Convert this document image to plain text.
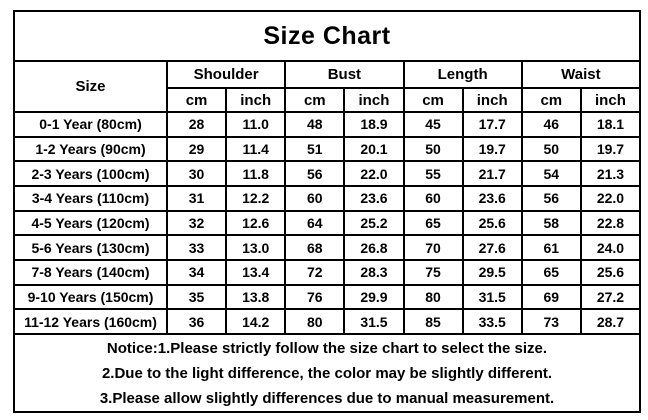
Size Chart								
Size	Shoulder		Bust		Length		Waist	
	cm	inch	cm	inch	cm	inch	cm	inch
0-1 Year (80cm)	28	11.0	48	18.9	45	17.7	46	18.1
1-2 Years (90cm)	29	11.4	51	20.1	50	19.7	50	19.7
2-3 Years (100cm)	30	11.8	56	22.0	55	21.7	54	21.3
3-4 Years (110cm)	31	12.2	60	23.6	60	23.6	56	22.0
4-5 Years (120cm)	32	12.6	64	25.2	65	25.6	58	22.8
5-6 Years (130cm)	33	13.0	68	26.8	70	27.6	61	24.0
7-8 Years (140cm)	34	13.4	72	28.3	75	29.5	65	25.6
9-10 Years (150cm)	35	13.8	76	29.9	80	31.5	69	27.2
11-12 Years (160cm)	36	14.2	80	31.5	85	33.5	73	28.7

Notice:1.Please strictly follow the size chart to select the size.
2.Due to the light difference, the color may be slightly different.
3.Please allow slightly differences due to manual measurement.								
